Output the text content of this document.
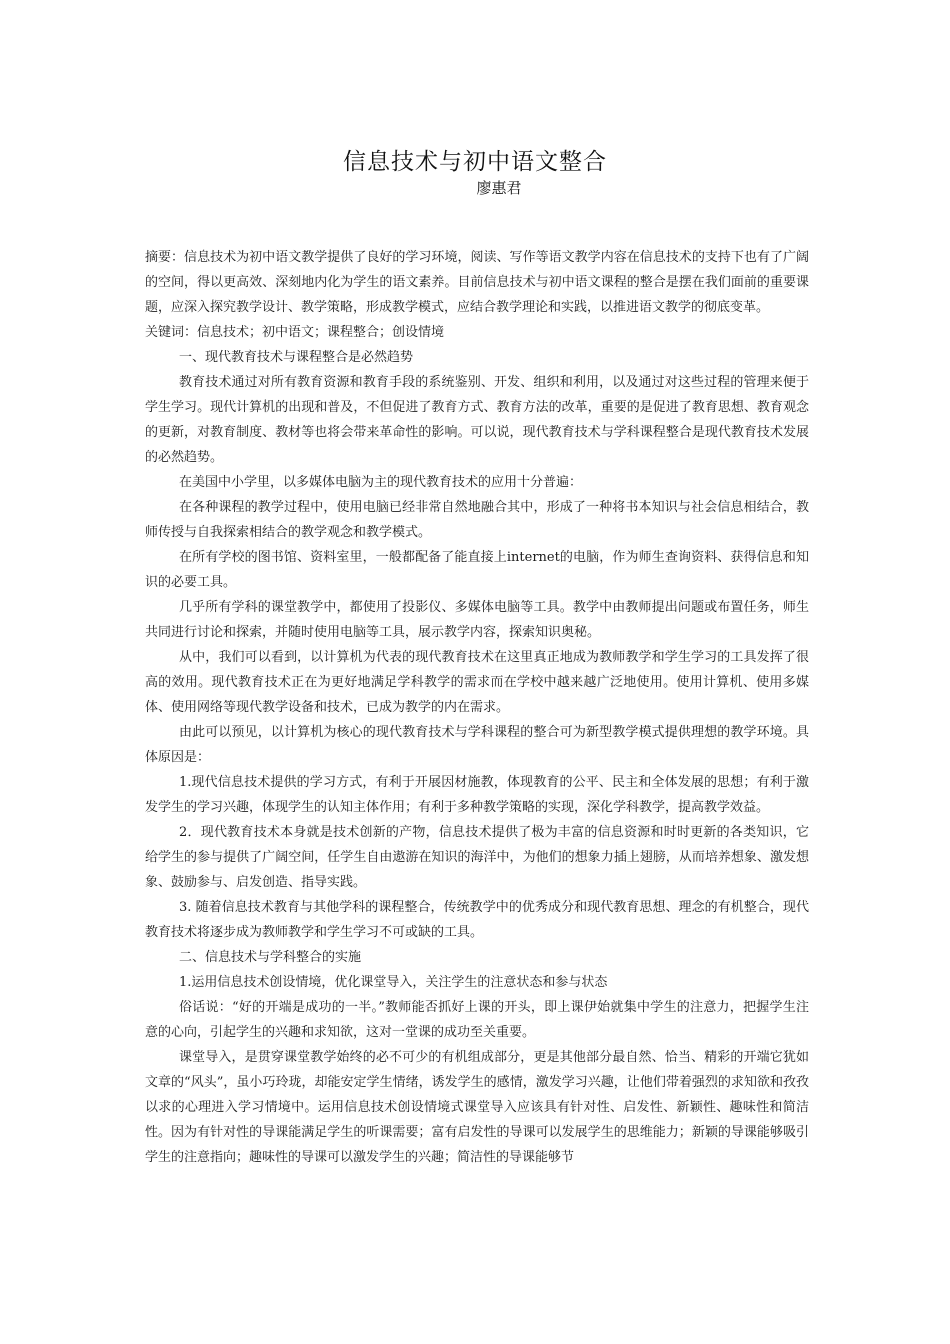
信息技术与初中语文整合
廖惠君

摘要：信息技术为初中语文教学提供了良好的学习环境，阅读、写作等语文教学内容在信息技术的支持下也有了广阔的空间，得以更高效、深刻地内化为学生的语文素养。目前信息技术与初中语文课程的整合是摆在我们面前的重要课题，应深入探究教学设计、教学策略，形成教学模式，应结合教学理论和实践，以推进语文教学的彻底变革。

关键词：信息技术；初中语文；课程整合；创设情境

一、现代教育技术与课程整合是必然趋势

教育技术通过对所有教育资源和教育手段的系统鉴别、开发、组织和利用，以及通过对这些过程的管理来便于学生学习。现代计算机的出现和普及，不但促进了教育方式、教育方法的改革，重要的是促进了教育思想、教育观念的更新，对教育制度、教材等也将会带来革命性的影响。可以说，现代教育技术与学科课程整合是现代教育技术发展的必然趋势。

在美国中小学里，以多媒体电脑为主的现代教育技术的应用十分普遍：

在各种课程的教学过程中，使用电脑已经非常自然地融合其中，形成了一种将书本知识与社会信息相结合，教师传授与自我探索相结合的教学观念和教学模式。

在所有学校的图书馆、资料室里，一般都配备了能直接上internet的电脑，作为师生查询资料、获得信息和知识的必要工具。

几乎所有学科的课堂教学中，都使用了投影仪、多媒体电脑等工具。教学中由教师提出问题或布置任务，师生共同进行讨论和探索，并随时使用电脑等工具，展示教学内容，探索知识奥秘。

从中，我们可以看到，以计算机为代表的现代教育技术在这里真正地成为教师教学和学生学习的工具发挥了很高的效用。现代教育技术正在为更好地满足学科教学的需求而在学校中越来越广泛地使用。使用计算机、使用多媒体、使用网络等现代教学设备和技术，已成为教学的内在需求。

由此可以预见，以计算机为核心的现代教育技术与学科课程的整合可为新型教学模式提供理想的教学环境。具体原因是：

1.现代信息技术提供的学习方式，有利于开展因材施教，体现教育的公平、民主和全体发展的思想；有利于激发学生的学习兴趣，体现学生的认知主体作用；有利于多种教学策略的实现，深化学科教学，提高教学效益。

2．现代教育技术本身就是技术创新的产物，信息技术提供了极为丰富的信息资源和时时更新的各类知识，它给学生的参与提供了广阔空间，任学生自由遨游在知识的海洋中，为他们的想象力插上翅膀，从而培养想象、激发想象、鼓励参与、启发创造、指导实践。

3. 随着信息技术教育与其他学科的课程整合，传统教学中的优秀成分和现代教育思想、理念的有机整合，现代教育技术将逐步成为教师教学和学生学习不可或缺的工具。

二、信息技术与学科整合的实施

1.运用信息技术创设情境，优化课堂导入，关注学生的注意状态和参与状态

俗话说：“好的开端是成功的一半。”教师能否抓好上课的开头，即上课伊始就集中学生的注意力，把握学生注意的心向，引起学生的兴趣和求知欲，这对一堂课的成功至关重要。

课堂导入，是贯穿课堂教学始终的必不可少的有机组成部分，更是其他部分最自然、恰当、精彩的开端它犹如文章的“风头”，虽小巧玲珑，却能安定学生情绪，诱发学生的感情，激发学习兴趣，让他们带着强烈的求知欲和孜孜以求的心理进入学习情境中。运用信息技术创设情境式课堂导入应该具有针对性、启发性、新颖性、趣味性和简洁性。因为有针对性的导课能满足学生的听课需要；富有启发性的导课可以发展学生的思维能力；新颖的导课能够吸引学生的注意指向；趣味性的导课可以激发学生的兴趣；简洁性的导课能够节
